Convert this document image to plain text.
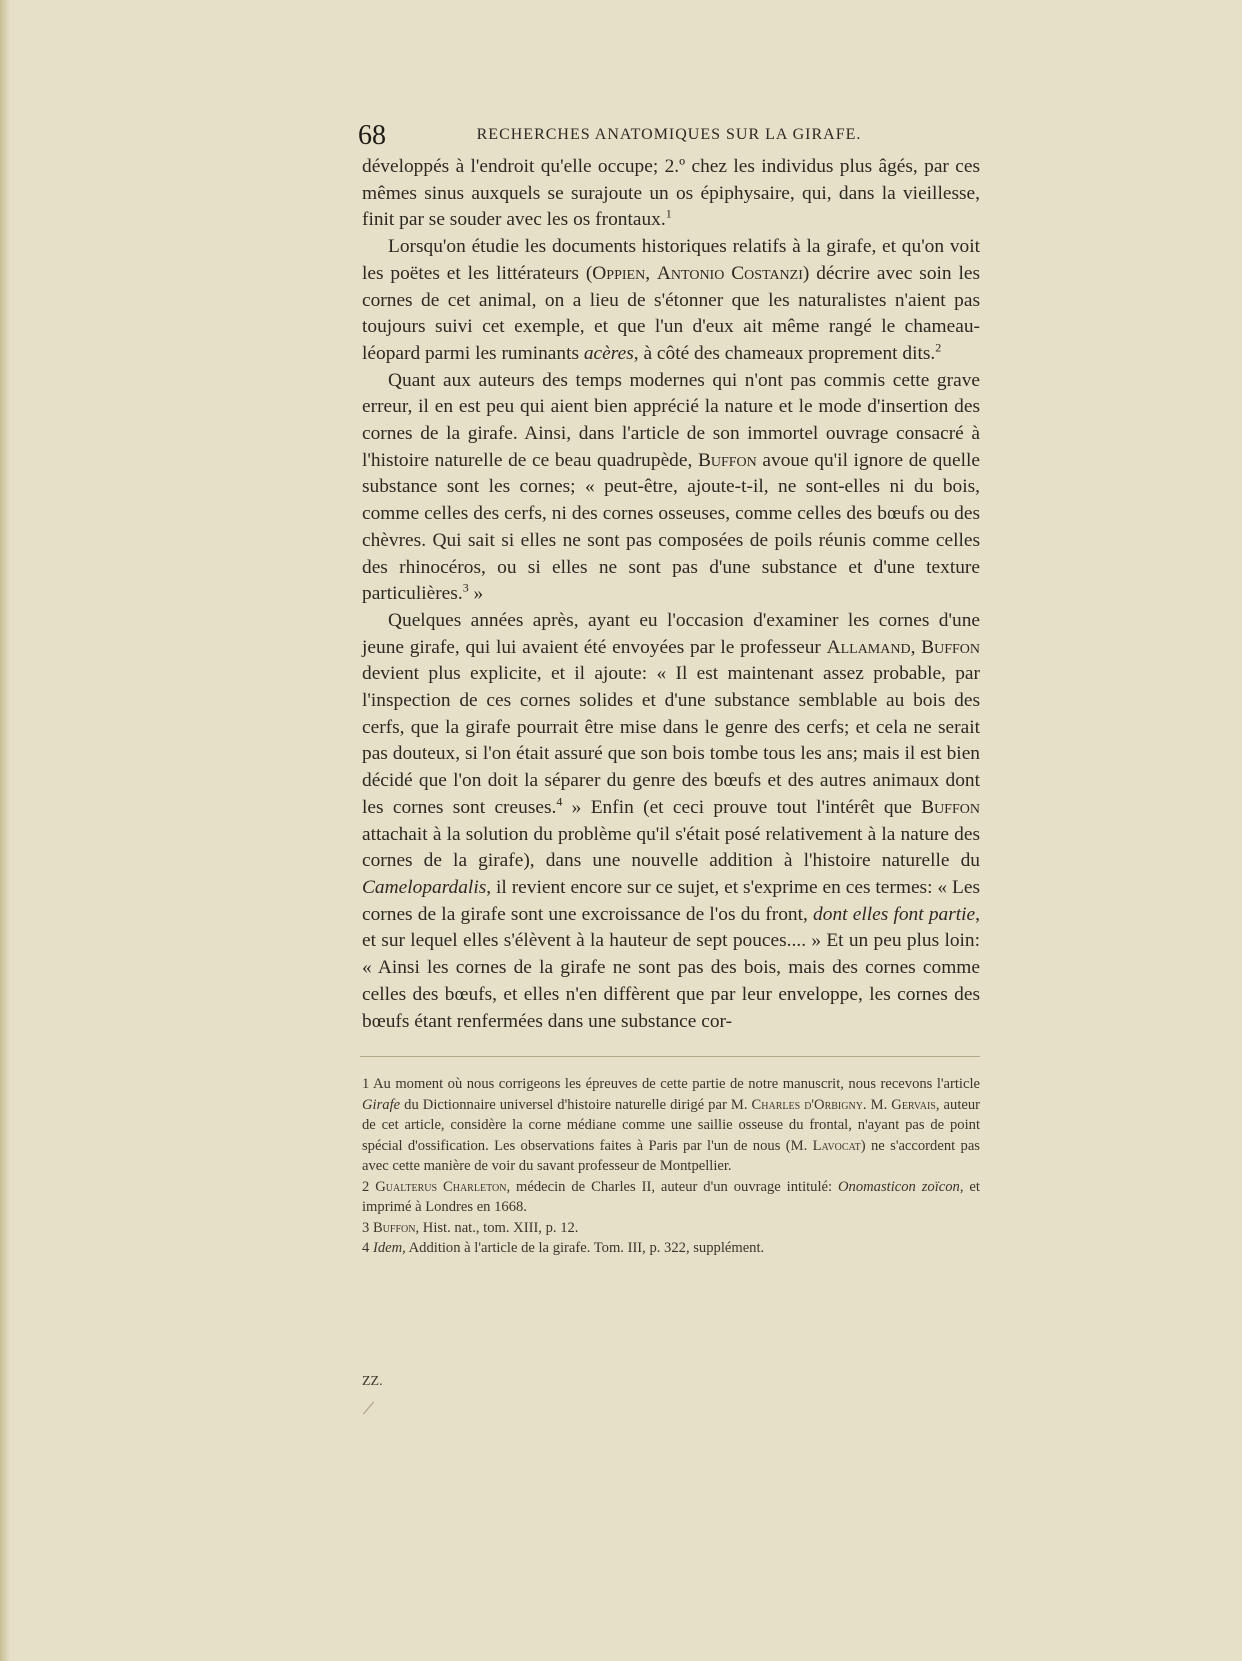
68	RECHERCHES ANATOMIQUES SUR LA GIRAFE.

développés à l'endroit qu'elle occupe; 2.º chez les individus plus âgés, par ces mêmes sinus auxquels se surajoute un os épiphysaire, qui, dans la vieillesse, finit par se souder avec les os frontaux.$^1$

Lorsqu'on étudie les documents historiques relatifs à la girafe, et qu'on voit les poëtes et les littérateurs (Oppien, Antonio Costanzi) décrire avec soin les cornes de cet animal, on a lieu de s'étonner que les naturalistes n'aient pas toujours suivi cet exemple, et que l'un d'eux ait même rangé le chameau-léopard parmi les ruminants acères, à côté des chameaux proprement dits.$^2$

Quant aux auteurs des temps modernes qui n'ont pas commis cette grave erreur, il en est peu qui aient bien apprécié la nature et le mode d'insertion des cornes de la girafe. Ainsi, dans l'article de son immortel ouvrage consacré à l'histoire naturelle de ce beau quadrupède, Buffon avoue qu'il ignore de quelle substance sont les cornes; « peut-être, ajoute-t-il, ne sont-elles ni du bois, comme celles des cerfs, ni des cornes osseuses, comme celles des bœufs ou des chèvres. Qui sait si elles ne sont pas composées de poils réunis comme celles des rhinocéros, ou si elles ne sont pas d'une substance et d'une texture particulières.$^3$ »

Quelques années après, ayant eu l'occasion d'examiner les cornes d'une jeune girafe, qui lui avaient été envoyées par le professeur Allamand, Buffon devient plus explicite, et il ajoute: « Il est maintenant assez probable, par l'inspection de ces cornes solides et d'une substance semblable au bois des cerfs, que la girafe pourrait être mise dans le genre des cerfs; et cela ne serait pas douteux, si l'on était assuré que son bois tombe tous les ans; mais il est bien décidé que l'on doit la séparer du genre des bœufs et des autres animaux dont les cornes sont creuses.$^4$ » Enfin (et ceci prouve tout l'intérêt que Buffon attachait à la solution du problème qu'il s'était posé relativement à la nature des cornes de la girafe), dans une nouvelle addition à l'histoire naturelle du Camelopardalis, il revient encore sur ce sujet, et s'exprime en ces termes: « Les cornes de la girafe sont une excroissance de l'os du front, dont elles font partie, et sur lequel elles s'élèvent à la hauteur de sept pouces.... » Et un peu plus loin: « Ainsi les cornes de la girafe ne sont pas des bois, mais des cornes comme celles des bœufs, et elles n'en diffèrent que par leur enveloppe, les cornes des bœufs étant renfermées dans une substance cor-

1 Au moment où nous corrigeons les épreuves de cette partie de notre manuscrit, nous recevons l'article Girafe du Dictionnaire universel d'histoire naturelle dirigé par M. Charles d'Orbigny. M. Gervais, auteur de cet article, considère la corne médiane comme une saillie osseuse du frontal, n'ayant pas de point spécial d'ossification. Les observations faites à Paris par l'un de nous (M. Lavocat) ne s'accordent pas avec cette manière de voir du savant professeur de Montpellier.

2 Gualterus Charleton, médecin de Charles II, auteur d'un ouvrage intitulé: Onomasticon zoïcon, et imprimé à Londres en 1668.

3 Buffon, Hist. nat., tom. XIII, p. 12.

4 Idem, Addition à l'article de la girafe. Tom. III, p. 322, supplément.

ZZ.
